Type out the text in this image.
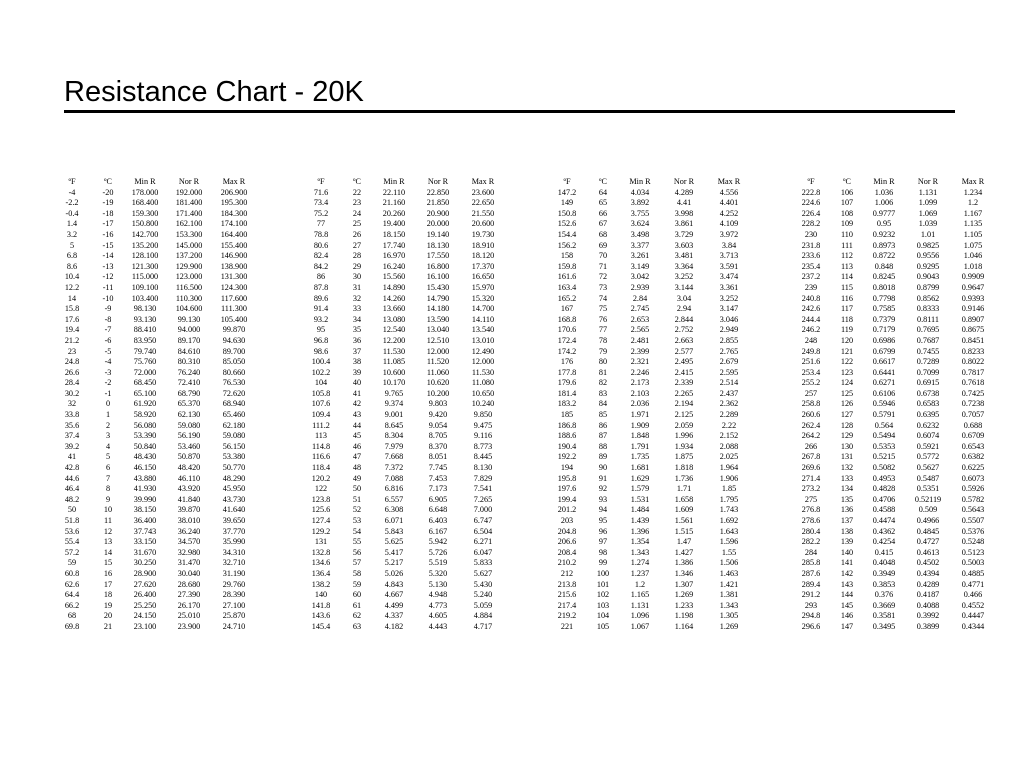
Resistance Chart - 20K
ºF	ºC	Min R	Nor R	Max R
-4	-20	178.000	192.000	206.900
-2.2	-19	168.400	181.400	195.300
-0.4	-18	159.300	171.400	184.300
1.4	-17	150.800	162.100	174.100
3.2	-16	142.700	153.300	164.400
5	-15	135.200	145.000	155.400
6.8	-14	128.100	137.200	146.900
8.6	-13	121.300	129.900	138.900
10.4	-12	115.000	123.000	131.300
12.2	-11	109.100	116.500	124.300
14	-10	103.400	110.300	117.600
15.8	-9	98.130	104.600	111.300
17.6	-8	93.130	99.130	105.400
19.4	-7	88.410	94.000	99.870
21.2	-6	83.950	89.170	94.630
23	-5	79.740	84.610	89.700
24.8	-4	75.760	80.310	85.050
26.6	-3	72.000	76.240	80.660
28.4	-2	68.450	72.410	76.530
30.2	-1	65.100	68.790	72.620
32	0	61.920	65.370	68.940
33.8	1	58.920	62.130	65.460
35.6	2	56.080	59.080	62.180
37.4	3	53.390	56.190	59.080
39.2	4	50.840	53.460	56.150
41	5	48.430	50.870	53.380
42.8	6	46.150	48.420	50.770
44.6	7	43.880	46.110	48.290
46.4	8	41.930	43.920	45.950
48.2	9	39.990	41.840	43.730
50	10	38.150	39.870	41.640
51.8	11	36.400	38.010	39.650
53.6	12	37.743	36.240	37.770
55.4	13	33.150	34.570	35.990
57.2	14	31.670	32.980	34.310
59	15	30.250	31.470	32.710
60.8	16	28.900	30.040	31.190
62.6	17	27.620	28.680	29.760
64.4	18	26.400	27.390	28.390
66.2	19	25.250	26.170	27.100
68	20	24.150	25.010	25.870
69.8	21	23.100	23.900	24.710
ºF	ºC	Min R	Nor R	Max R
71.6	22	22.110	22.850	23.600
73.4	23	21.160	21.850	22.650
75.2	24	20.260	20.900	21.550
77	25	19.400	20.000	20.600
78.8	26	18.150	19.140	19.730
80.6	27	17.740	18.130	18.910
82.4	28	16.970	17.550	18.120
84.2	29	16.240	16.800	17.370
86	30	15.560	16.100	16.650
87.8	31	14.890	15.430	15.970
89.6	32	14.260	14.790	15.320
91.4	33	13.660	14.180	14.700
93.2	34	13.080	13.590	14.110
95	35	12.540	13.040	13.540
96.8	36	12.200	12.510	13.010
98.6	37	11.530	12.000	12.490
100.4	38	11.085	11.520	12.000
102.2	39	10.600	11.060	11.530
104	40	10.170	10.620	11.080
105.8	41	9.765	10.200	10.650
107.6	42	9.374	9.803	10.240
109.4	43	9.001	9.420	9.850
111.2	44	8.645	9.054	9.475
113	45	8.304	8.705	9.116
114.8	46	7.979	8.370	8.773
116.6	47	7.668	8.051	8.445
118.4	48	7.372	7.745	8.130
120.2	49	7.088	7.453	7.829
122	50	6.816	7.173	7.541
123.8	51	6.557	6.905	7.265
125.6	52	6.308	6.648	7.000
127.4	53	6.071	6.403	6.747
129.2	54	5.843	6.167	6.504
131	55	5.625	5.942	6.271
132.8	56	5.417	5.726	6.047
134.6	57	5.217	5.519	5.833
136.4	58	5.026	5.320	5.627
138.2	59	4.843	5.130	5.430
140	60	4.667	4.948	5.240
141.8	61	4.499	4.773	5.059
143.6	62	4.337	4.605	4.884
145.4	63	4.182	4.443	4.717
ºF	ºC	Min R	Nor R	Max R
147.2	64	4.034	4.289	4.556
149	65	3.892	4.41	4.401
150.8	66	3.755	3.998	4.252
152.6	67	3.624	3.861	4.109
154.4	68	3.498	3.729	3.972
156.2	69	3.377	3.603	3.84
158	70	3.261	3.481	3.713
159.8	71	3.149	3.364	3.591
161.6	72	3.042	3.252	3.474
163.4	73	2.939	3.144	3.361
165.2	74	2.84	3.04	3.252
167	75	2.745	2.94	3.147
168.8	76	2.653	2.844	3.046
170.6	77	2.565	2.752	2.949
172.4	78	2.481	2.663	2.855
174.2	79	2.399	2.577	2.765
176	80	2.321	2.495	2.679
177.8	81	2.246	2.415	2.595
179.6	82	2.173	2.339	2.514
181.4	83	2.103	2.265	2.437
183.2	84	2.036	2.194	2.362
185	85	1.971	2.125	2.289
186.8	86	1.909	2.059	2.22
188.6	87	1.848	1.996	2.152
190.4	88	1.791	1.934	2.088
192.2	89	1.735	1.875	2.025
194	90	1.681	1.818	1.964
195.8	91	1.629	1.736	1.906
197.6	92	1.579	1.71	1.85
199.4	93	1.531	1.658	1.795
201.2	94	1.484	1.609	1.743
203	95	1.439	1.561	1.692
204.8	96	1.396	1.515	1.643
206.6	97	1.354	1.47	1.596
208.4	98	1.343	1.427	1.55
210.2	99	1.274	1.386	1.506
212	100	1.237	1.346	1.463
213.8	101	1.2	1.307	1.421
215.6	102	1.165	1.269	1.381
217.4	103	1.131	1.233	1.343
219.2	104	1.096	1.198	1.305
221	105	1.067	1.164	1.269
ºF	ºC	Min R	Nor R	Max R
222.8	106	1.036	1.131	1.234
224.6	107	1.006	1.099	1.2
226.4	108	0.9777	1.069	1.167
228.2	109	0.95	1.039	1.135
230	110	0.9232	1.01	1.105
231.8	111	0.8973	0.9825	1.075
233.6	112	0.8722	0.9556	1.046
235.4	113	0.848	0.9295	1.018
237.2	114	0.8245	0.9043	0.9909
239	115	0.8018	0.8799	0.9647
240.8	116	0.7798	0.8562	0.9393
242.6	117	0.7585	0.8333	0.9146
244.4	118	0.7379	0.8111	0.8907
246.2	119	0.7179	0.7695	0.8675
248	120	0.6986	0.7687	0.8451
249.8	121	0.6799	0.7455	0.8233
251.6	122	0.6617	0.7289	0.8022
253.4	123	0.6441	0.7099	0.7817
255.2	124	0.6271	0.6915	0.7618
257	125	0.6106	0.6738	0.7425
258.8	126	0.5946	0.6583	0.7238
260.6	127	0.5791	0.6395	0.7057
262.4	128	0.564	0.6232	0.688
264.2	129	0.5494	0.6074	0.6709
266	130	0.5353	0.5921	0.6543
267.8	131	0.5215	0.5772	0.6382
269.6	132	0.5082	0.5627	0.6225
271.4	133	0.4953	0.5487	0.6073
273.2	134	0.4828	0.5351	0.5926
275	135	0.4706	0.52119	0.5782
276.8	136	0.4588	0.509	0.5643
278.6	137	0.4474	0.4966	0.5507
280.4	138	0.4362	0.4845	0.5376
282.2	139	0.4254	0.4727	0.5248
284	140	0.415	0.4613	0.5123
285.8	141	0.4048	0.4502	0.5003
287.6	142	0.3949	0.4394	0.4885
289.4	143	0.3853	0.4289	0.4771
291.2	144	0.376	0.4187	0.466
293	145	0.3669	0.4088	0.4552
294.8	146	0.3581	0.3992	0.4447
296.6	147	0.3495	0.3899	0.4344
